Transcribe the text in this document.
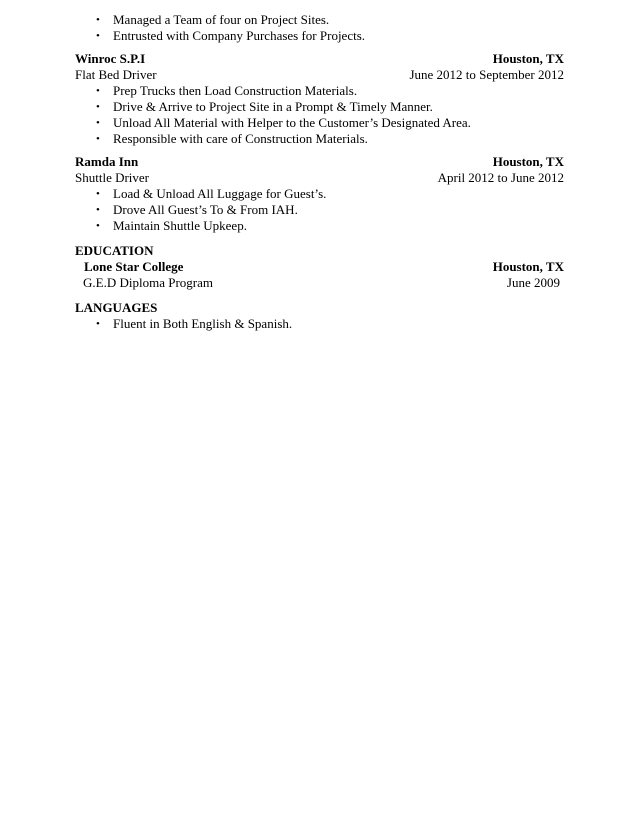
• Managed a Team of four on Project Sites.
• Entrusted with Company Purchases for Projects.
Winroc S.P.I	Houston, TX
Flat Bed Driver	June 2012 to September 2012
• Prep Trucks then Load Construction Materials.
• Drive & Arrive to Project Site in a Prompt & Timely Manner.
• Unload All Material with Helper to the Customer’s Designated Area.
• Responsible with care of Construction Materials.
Ramda Inn	Houston, TX
Shuttle Driver	April 2012 to June 2012
• Load & Unload All Luggage for Guest’s.
• Drove All Guest’s To & From IAH.
• Maintain Shuttle Upkeep.
EDUCATION
Lone Star College	Houston, TX
G.E.D Diploma Program	June 2009
LANGUAGES
• Fluent in Both English & Spanish.
